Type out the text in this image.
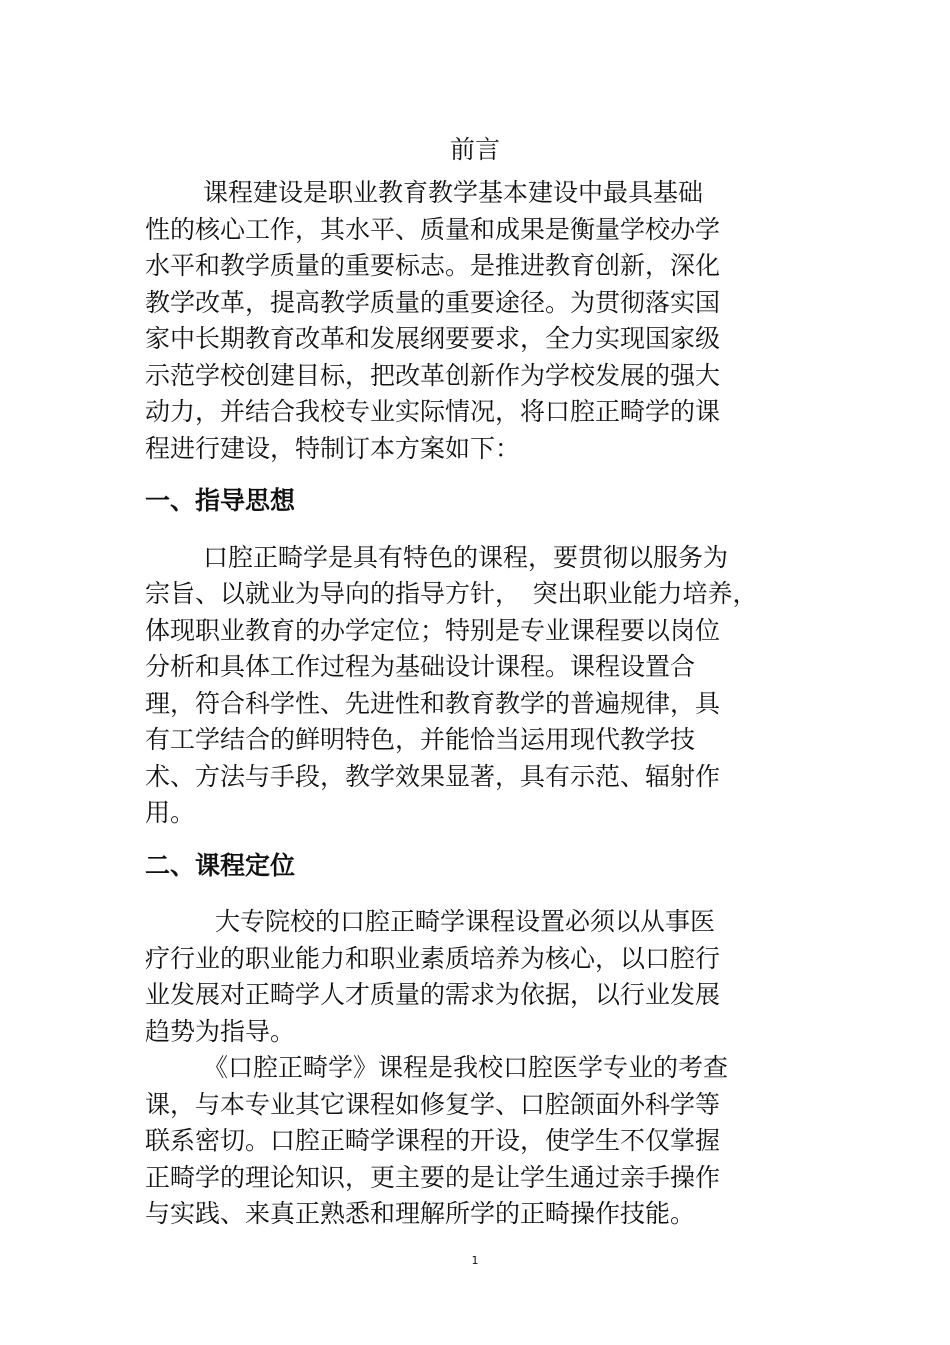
前言

课程建设是职业教育教学基本建设中最具基础
性的核心工作，其水平、质量和成果是衡量学校办学
水平和教学质量的重要标志。是推进教育创新，深化
教学改革，提高教学质量的重要途径。为贯彻落实国
家中长期教育改革和发展纲要要求，全力实现国家级
示范学校创建目标，把改革创新作为学校发展的强大
动力，并结合我校专业实际情况，将口腔正畸学的课
程进行建设，特制订本方案如下：

一、指导思想

口腔正畸学是具有特色的课程，要贯彻以服务为
宗旨、以就业为导向的指导方针，　突出职业能力培养，
体现职业教育的办学定位；特别是专业课程要以岗位
分析和具体工作过程为基础设计课程。课程设置合
理，符合科学性、先进性和教育教学的普遍规律，具
有工学结合的鲜明特色，并能恰当运用现代教学技
术、方法与手段，教学效果显著，具有示范、辐射作
用。

二、课程定位

大专院校的口腔正畸学课程设置必须以从事医
疗行业的职业能力和职业素质培养为核心，以口腔行
业发展对正畸学人才质量的需求为依据，以行业发展
趋势为指导。

《口腔正畸学》课程是我校口腔医学专业的考查
课，与本专业其它课程如修复学、口腔颌面外科学等
联系密切。口腔正畸学课程的开设，使学生不仅掌握
正畸学的理论知识，更主要的是让学生通过亲手操作
与实践、来真正熟悉和理解所学的正畸操作技能。

1
